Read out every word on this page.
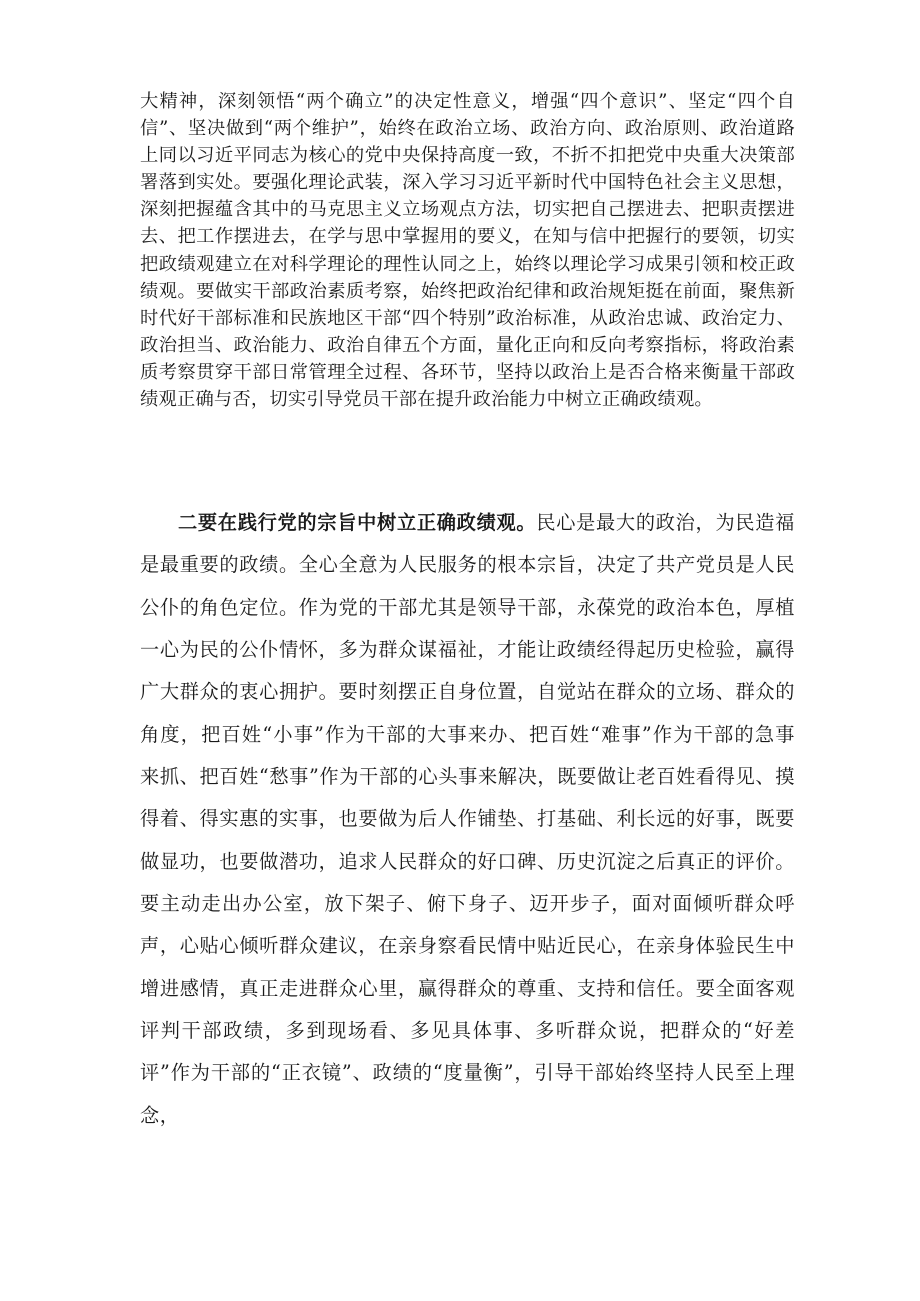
大精神，深刻领悟“两个确立”的决定性意义，增强“四个意识”、坚定“四个自信”、坚决做到“两个维护”，始终在政治立场、政治方向、政治原则、政治道路上同以习近平同志为核心的党中央保持高度一致，不折不扣把党中央重大决策部署落到实处。要强化理论武装，深入学习习近平新时代中国特色社会主义思想，深刻把握蕴含其中的马克思主义立场观点方法，切实把自己摆进去、把职责摆进去、把工作摆进去，在学与思中掌握用的要义，在知与信中把握行的要领，切实把政绩观建立在对科学理论的理性认同之上，始终以理论学习成果引领和校正政绩观。要做实干部政治素质考察，始终把政治纪律和政治规矩挺在前面，聚焦新时代好干部标准和民族地区干部“四个特别”政治标准，从政治忠诚、政治定力、政治担当、政治能力、政治自律五个方面，量化正向和反向考察指标，将政治素质考察贯穿干部日常管理全过程、各环节，坚持以政治上是否合格来衡量干部政绩观正确与否，切实引导党员干部在提升政治能力中树立正确政绩观。

二要在践行党的宗旨中树立正确政绩观。民心是最大的政治，为民造福是最重要的政绩。全心全意为人民服务的根本宗旨，决定了共产党员是人民公仆的角色定位。作为党的干部尤其是领导干部，永葆党的政治本色，厚植一心为民的公仆情怀，多为群众谋福祉，才能让政绩经得起历史检验，赢得广大群众的衷心拥护。要时刻摆正自身位置，自觉站在群众的立场、群众的角度，把百姓“小事”作为干部的大事来办、把百姓“难事”作为干部的急事来抓、把百姓“愁事”作为干部的心头事来解决，既要做让老百姓看得见、摸得着、得实惠的实事，也要做为后人作铺垫、打基础、利长远的好事，既要做显功，也要做潜功，追求人民群众的好口碑、历史沉淀之后真正的评价。要主动走出办公室，放下架子、俯下身子、迈开步子，面对面倾听群众呼声，心贴心倾听群众建议，在亲身察看民情中贴近民心，在亲身体验民生中增进感情，真正走进群众心里，赢得群众的尊重、支持和信任。要全面客观评判干部政绩，多到现场看、多见具体事、多听群众说，把群众的“好差评”作为干部的“正衣镜”、政绩的“度量衡”，引导干部始终坚持人民至上理念，
